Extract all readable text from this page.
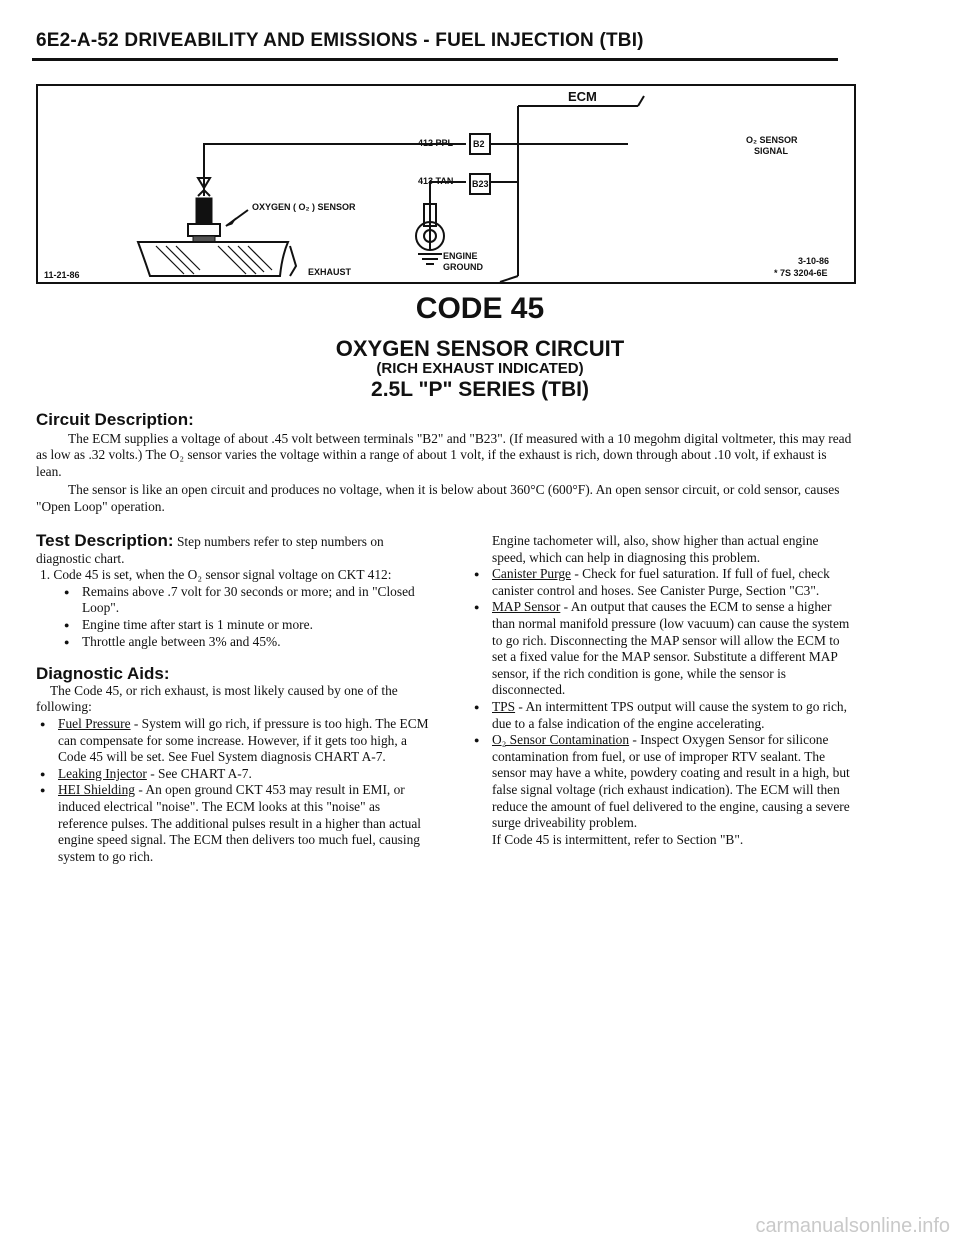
6E2-A-52 DRIVEABILITY AND EMISSIONS - FUEL INJECTION (TBI)
ECM
412 PPL
413 TAN
B2
B23
O₂ SENSOR
SIGNAL
OXYGEN ( O₂ ) SENSOR
ENGINE
GROUND
EXHAUST
11-21-86
3-10-86
* 7S 3204-6E
CODE 45
OXYGEN SENSOR CIRCUIT
(RICH EXHAUST INDICATED)
2.5L "P" SERIES (TBI)
Circuit Description:

The ECM supplies a voltage of about .45 volt between terminals "B2" and "B23". (If measured with a 10 megohm digital voltmeter, this may read as low as .32 volts.) The O₂ sensor varies the voltage within a range of about 1 volt, if the exhaust is rich, down through about .10 volt, if exhaust is lean.

The sensor is like an open circuit and produces no voltage, when it is below about 360°C (600°F). An open sensor circuit, or cold sensor, causes "Open Loop" operation.

Test Description: Step numbers refer to step numbers on diagnostic chart.

1. Code 45 is set, when the O₂ sensor signal voltage on CKT 412:

● Remains above .7 volt for 30 seconds or more; and in "Closed Loop".

● Engine time after start is 1 minute or more.

● Throttle angle between 3% and 45%.

Diagnostic Aids:

The Code 45, or rich exhaust, is most likely caused by one of the following:

● Fuel Pressure - System will go rich, if pressure is too high. The ECM can compensate for some increase. However, if it gets too high, a Code 45 will be set. See Fuel System diagnosis CHART A-7.

● Leaking Injector - See CHART A-7.

● HEI Shielding - An open ground CKT 453 may result in EMI, or induced electrical "noise". The ECM looks at this "noise" as reference pulses. The additional pulses result in a higher than actual engine speed signal. The ECM then delivers too much fuel, causing system to go rich.

Engine tachometer will, also, show higher than actual engine speed, which can help in diagnosing this problem.

● Canister Purge - Check for fuel saturation. If full of fuel, check canister control and hoses. See Canister Purge, Section "C3".

● MAP Sensor - An output that causes the ECM to sense a higher than normal manifold pressure (low vacuum) can cause the system to go rich. Disconnecting the MAP sensor will allow the ECM to set a fixed value for the MAP sensor. Substitute a different MAP sensor, if the rich condition is gone, while the sensor is disconnected.

● TPS - An intermittent TPS output will cause the system to go rich, due to a false indication of the engine accelerating.

● O₂ Sensor Contamination - Inspect Oxygen Sensor for silicone contamination from fuel, or use of improper RTV sealant. The sensor may have a white, powdery coating and result in a high, but false signal voltage (rich exhaust indication). The ECM will then reduce the amount of fuel delivered to the engine, causing a severe surge driveability problem.

If Code 45 is intermittent, refer to Section "B".

carmanualsonline.info
